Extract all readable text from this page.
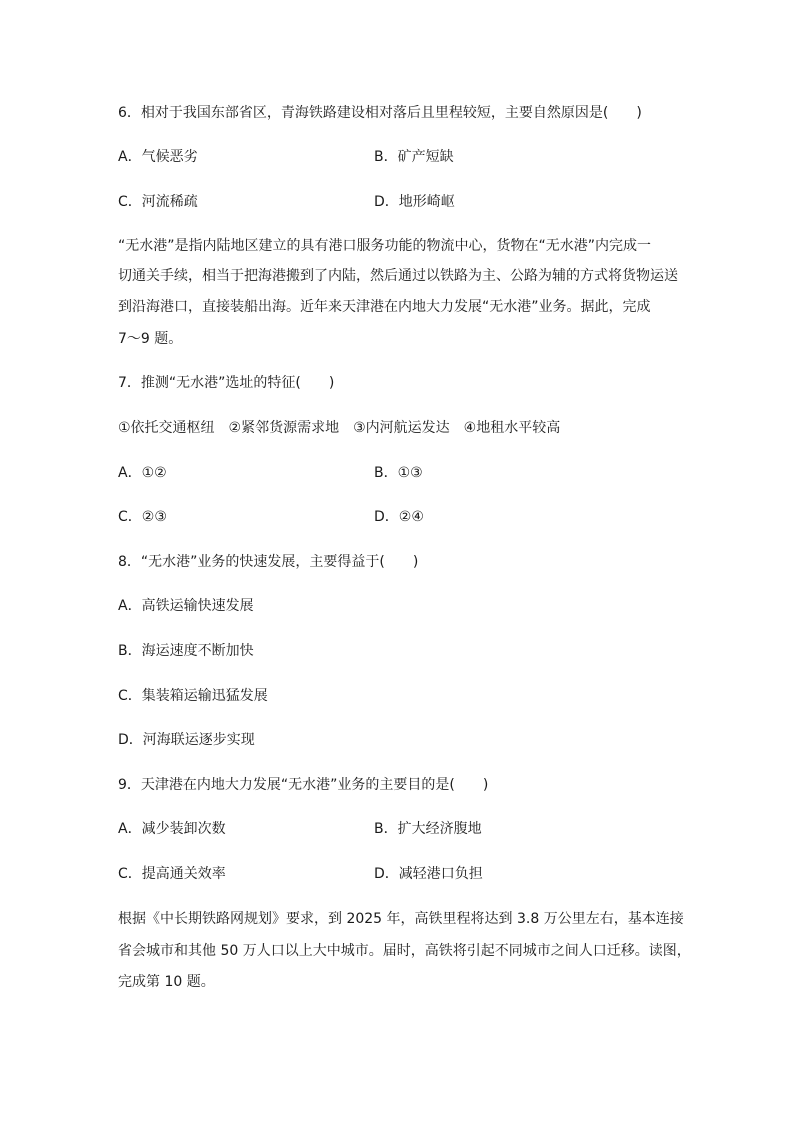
6．相对于我国东部省区，青海铁路建设相对落后且里程较短，主要自然原因是(　　)
A．气候恶劣	B．矿产短缺
C．河流稀疏	D．地形崎岖
“无水港”是指内陆地区建立的具有港口服务功能的物流中心，货物在“无水港”内完成一
切通关手续，相当于把海港搬到了内陆，然后通过以铁路为主、公路为辅的方式将货物运送
到沿海港口，直接装船出海。近年来天津港在内地大力发展“无水港”业务。据此，完成
7～9 题。
7．推测“无水港”选址的特征(　　)
①依托交通枢纽　②紧邻货源需求地　③内河航运发达　④地租水平较高
A．①②	B．①③
C．②③	D．②④
8．“无水港”业务的快速发展，主要得益于(　　)
A．高铁运输快速发展
B．海运速度不断加快
C．集装箱运输迅猛发展
D．河海联运逐步实现
9．天津港在内地大力发展“无水港”业务的主要目的是(　　)
A．减少装卸次数	B．扩大经济腹地
C．提高通关效率	D．减轻港口负担
根据《中长期铁路网规划》要求，到 2025 年，高铁里程将达到 3.8 万公里左右，基本连接
省会城市和其他 50 万人口以上大中城市。届时，高铁将引起不同城市之间人口迁移。读图，
完成第 10 题。
